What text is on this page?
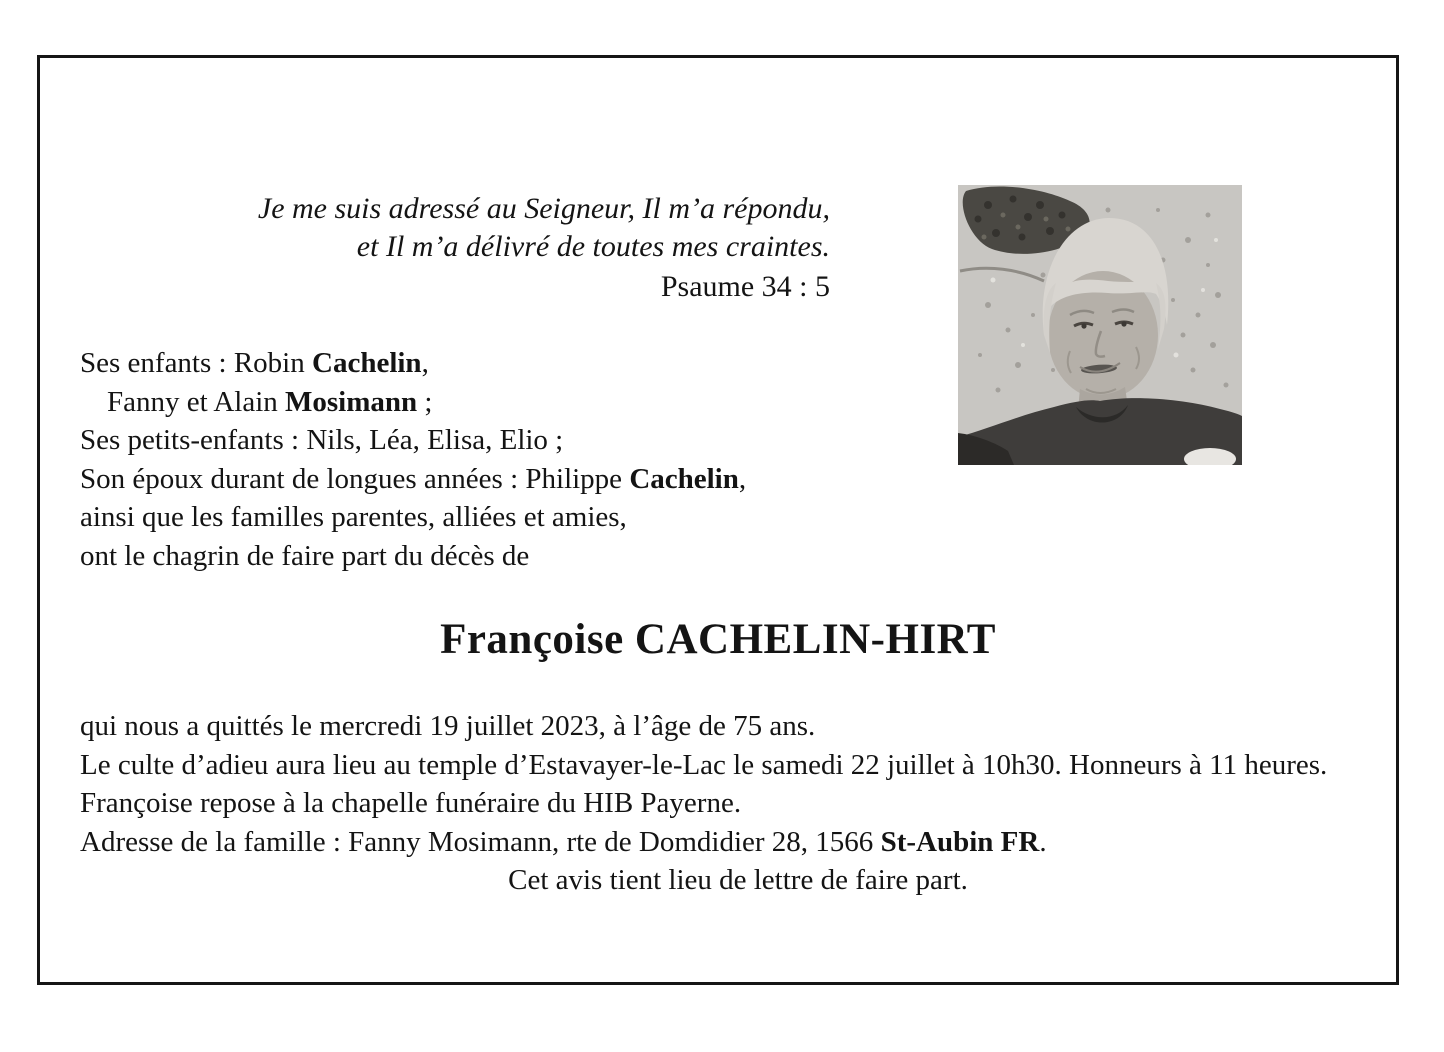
Je me suis adressé au Seigneur, Il m’a répondu,
et Il m’a délivré de toutes mes craintes.
Psaume 34 : 5
Ses enfants : Robin Cachelin,
Fanny et Alain Mosimann ;
Ses petits-enfants : Nils, Léa, Elisa, Elio ;
Son époux durant de longues années : Philippe Cachelin,
ainsi que les familles parentes, alliées et amies,
ont le chagrin de faire part du décès de
Françoise CACHELIN-HIRT
qui nous a quittés le mercredi 19 juillet 2023, à l’âge de 75 ans.
Le culte d’adieu aura lieu au temple d’Estavayer-le-Lac le samedi 22 juillet à 10h30. Honneurs à 11 heures.
Françoise repose à la chapelle funéraire du HIB Payerne.
Adresse de la famille : Fanny Mosimann, rte de Domdidier 28, 1566 St-Aubin FR.
Cet avis tient lieu de lettre de faire part.
